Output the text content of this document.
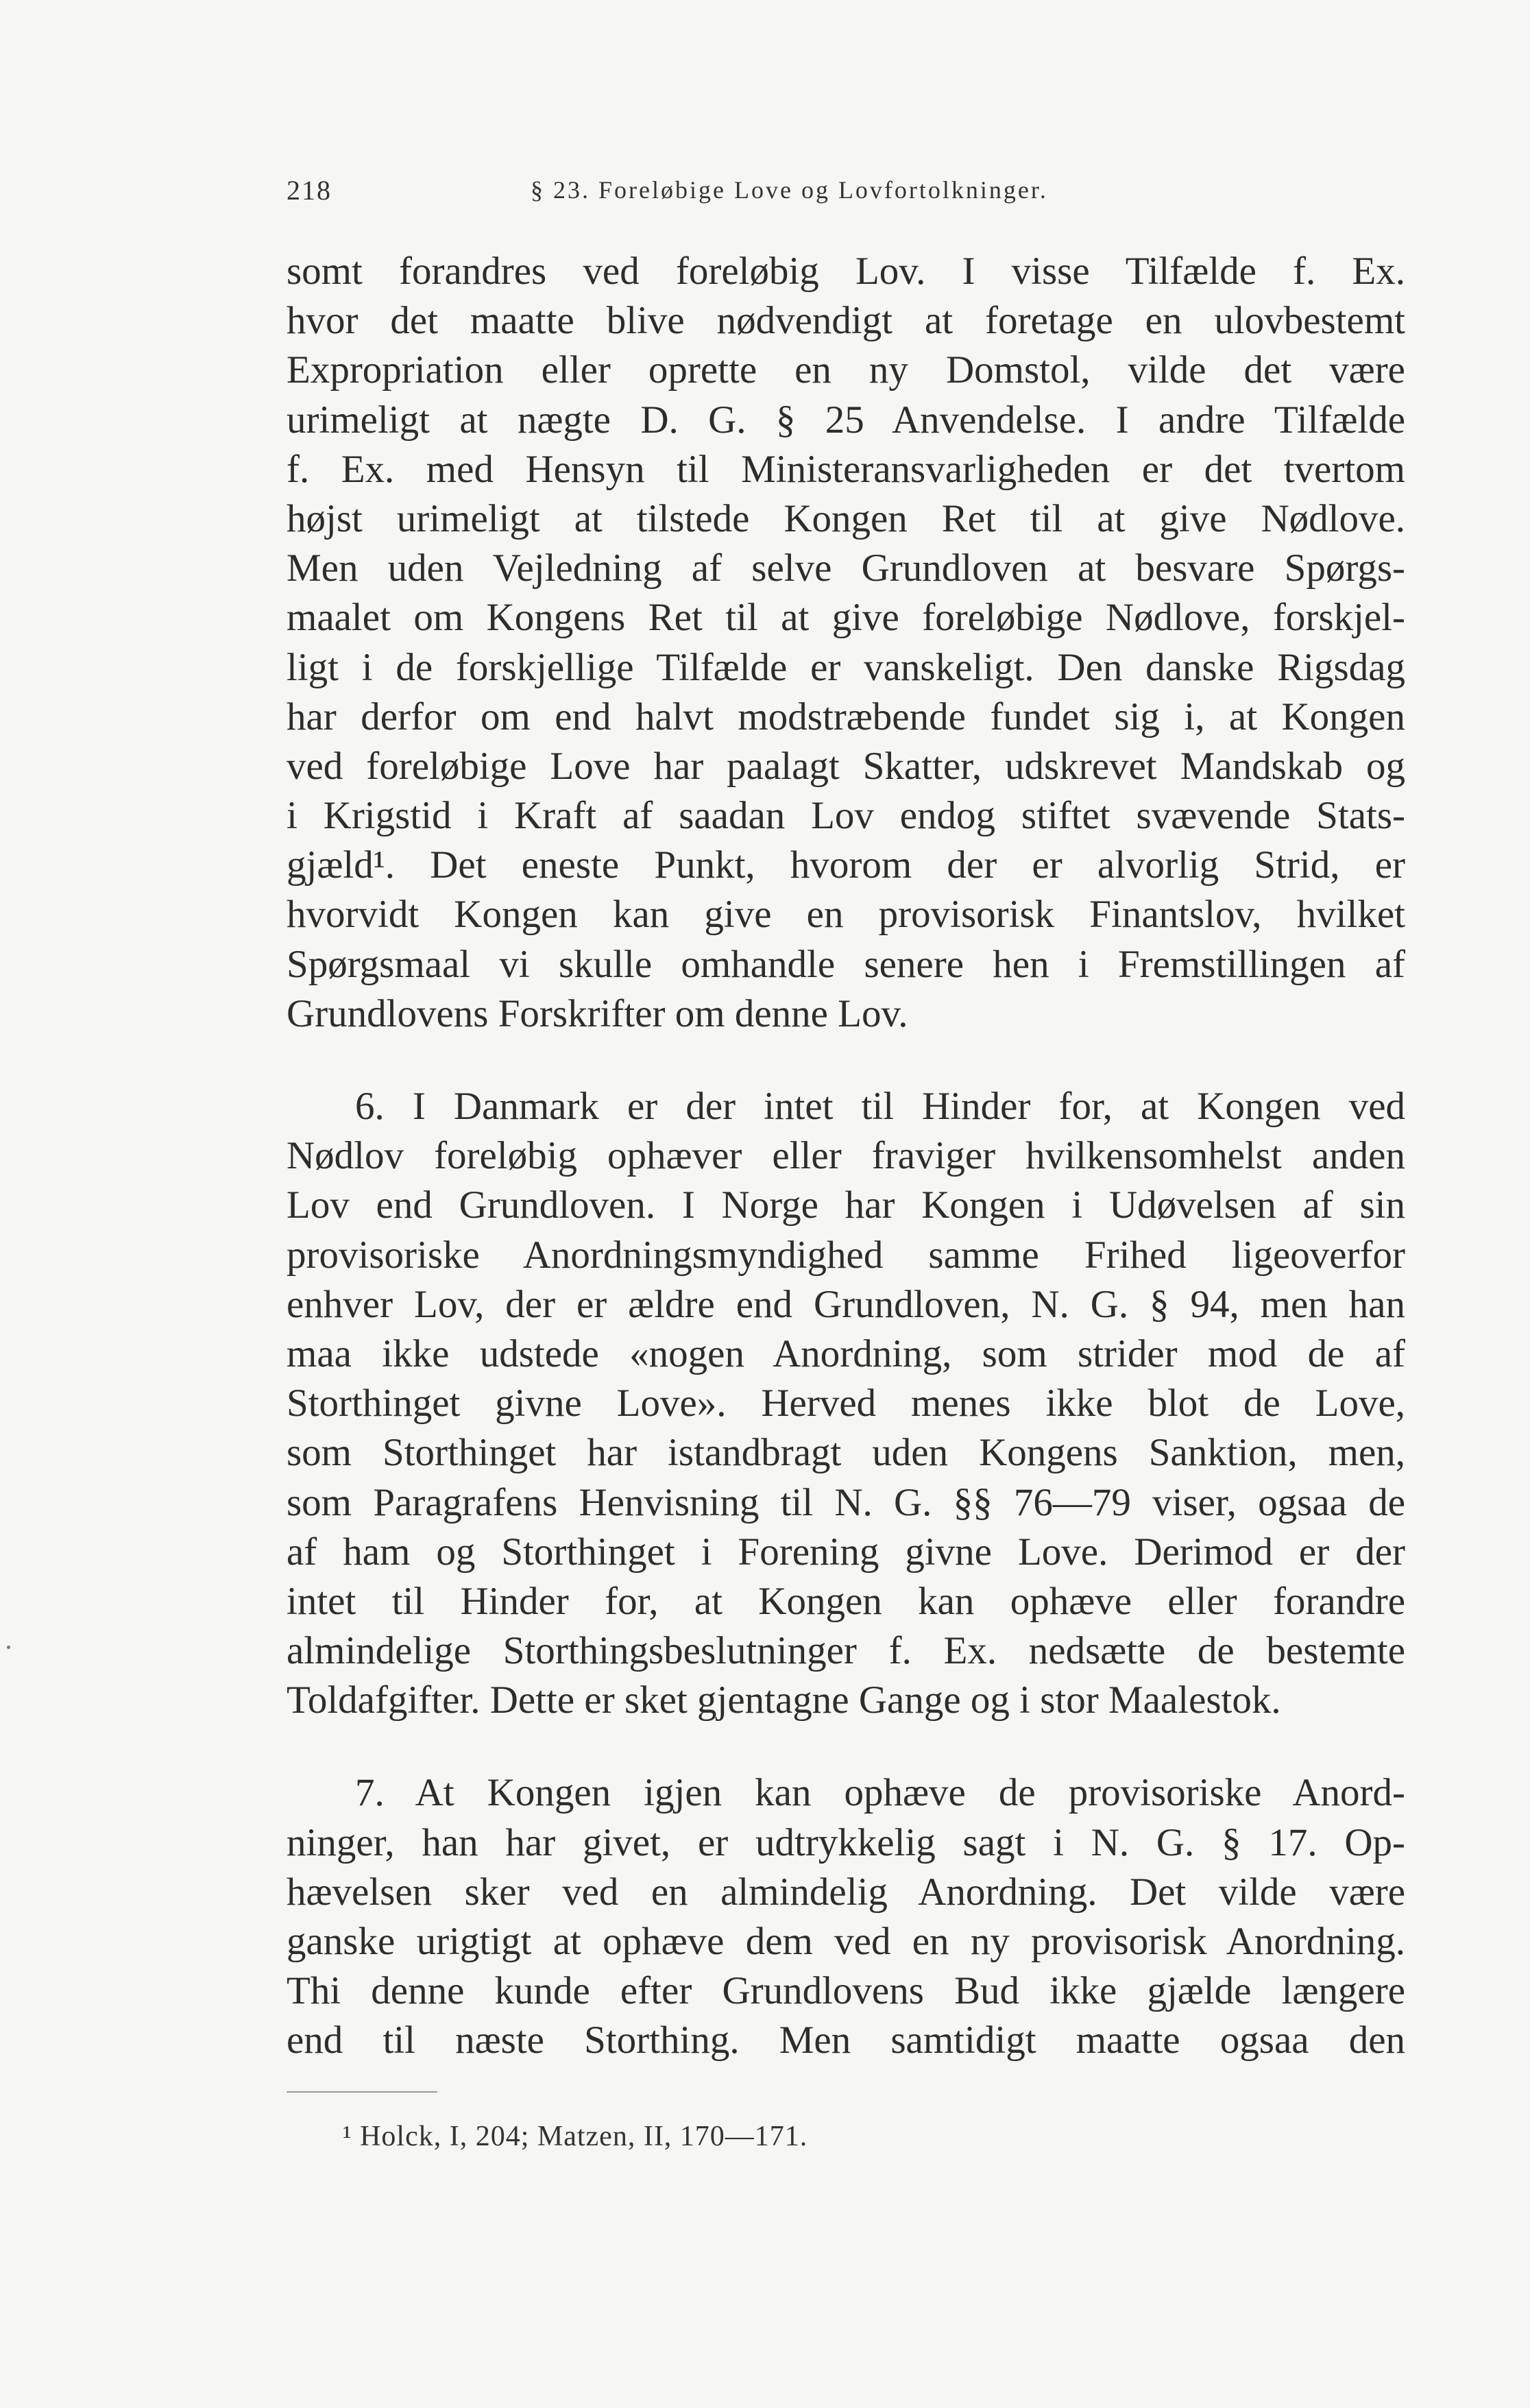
218	§ 23. Foreløbige Love og Lovfortolkninger.
somt forandres ved foreløbig Lov. I visse Tilfælde f. Ex.
hvor det maatte blive nødvendigt at foretage en ulovbestemt
Expropriation eller oprette en ny Domstol, vilde det være
urimeligt at nægte D. G. § 25 Anvendelse. I andre Tilfælde
f. Ex. med Hensyn til Ministeransvarligheden er det tvertom
højst urimeligt at tilstede Kongen Ret til at give Nødlove.
Men uden Vejledning af selve Grundloven at besvare Spørgs-
maalet om Kongens Ret til at give foreløbige Nødlove, forskjel-
ligt i de forskjellige Tilfælde er vanskeligt. Den danske Rigsdag
har derfor om end halvt modstræbende fundet sig i, at Kongen
ved foreløbige Love har paalagt Skatter, udskrevet Mandskab og
i Krigstid i Kraft af saadan Lov endog stiftet svævende Stats-
gjæld¹. Det eneste Punkt, hvorom der er alvorlig Strid, er
hvorvidt Kongen kan give en provisorisk Finantslov, hvilket
Spørgsmaal vi skulle omhandle senere hen i Fremstillingen af
Grundlovens Forskrifter om denne Lov.
6. I Danmark er der intet til Hinder for, at Kongen ved
Nødlov foreløbig ophæver eller fraviger hvilkensomhelst anden
Lov end Grundloven. I Norge har Kongen i Udøvelsen af sin
provisoriske Anordningsmyndighed samme Frihed ligeoverfor
enhver Lov, der er ældre end Grundloven, N. G. § 94, men han
maa ikke udstede «nogen Anordning, som strider mod de af
Storthinget givne Love». Herved menes ikke blot de Love,
som Storthinget har istandbragt uden Kongens Sanktion, men,
som Paragrafens Henvisning til N. G. §§ 76—79 viser, ogsaa de
af ham og Storthinget i Forening givne Love. Derimod er der
intet til Hinder for, at Kongen kan ophæve eller forandre
almindelige Storthingsbeslutninger f. Ex. nedsætte de bestemte
Toldafgifter. Dette er sket gjentagne Gange og i stor Maalestok.
7. At Kongen igjen kan ophæve de provisoriske Anord-
ninger, han har givet, er udtrykkelig sagt i N. G. § 17. Op-
hævelsen sker ved en almindelig Anordning. Det vilde være
ganske urigtigt at ophæve dem ved en ny provisorisk Anordning.
Thi denne kunde efter Grundlovens Bud ikke gjælde længere
end til næste Storthing. Men samtidigt maatte ogsaa den
¹ Holck, I, 204; Matzen, II, 170—171.
